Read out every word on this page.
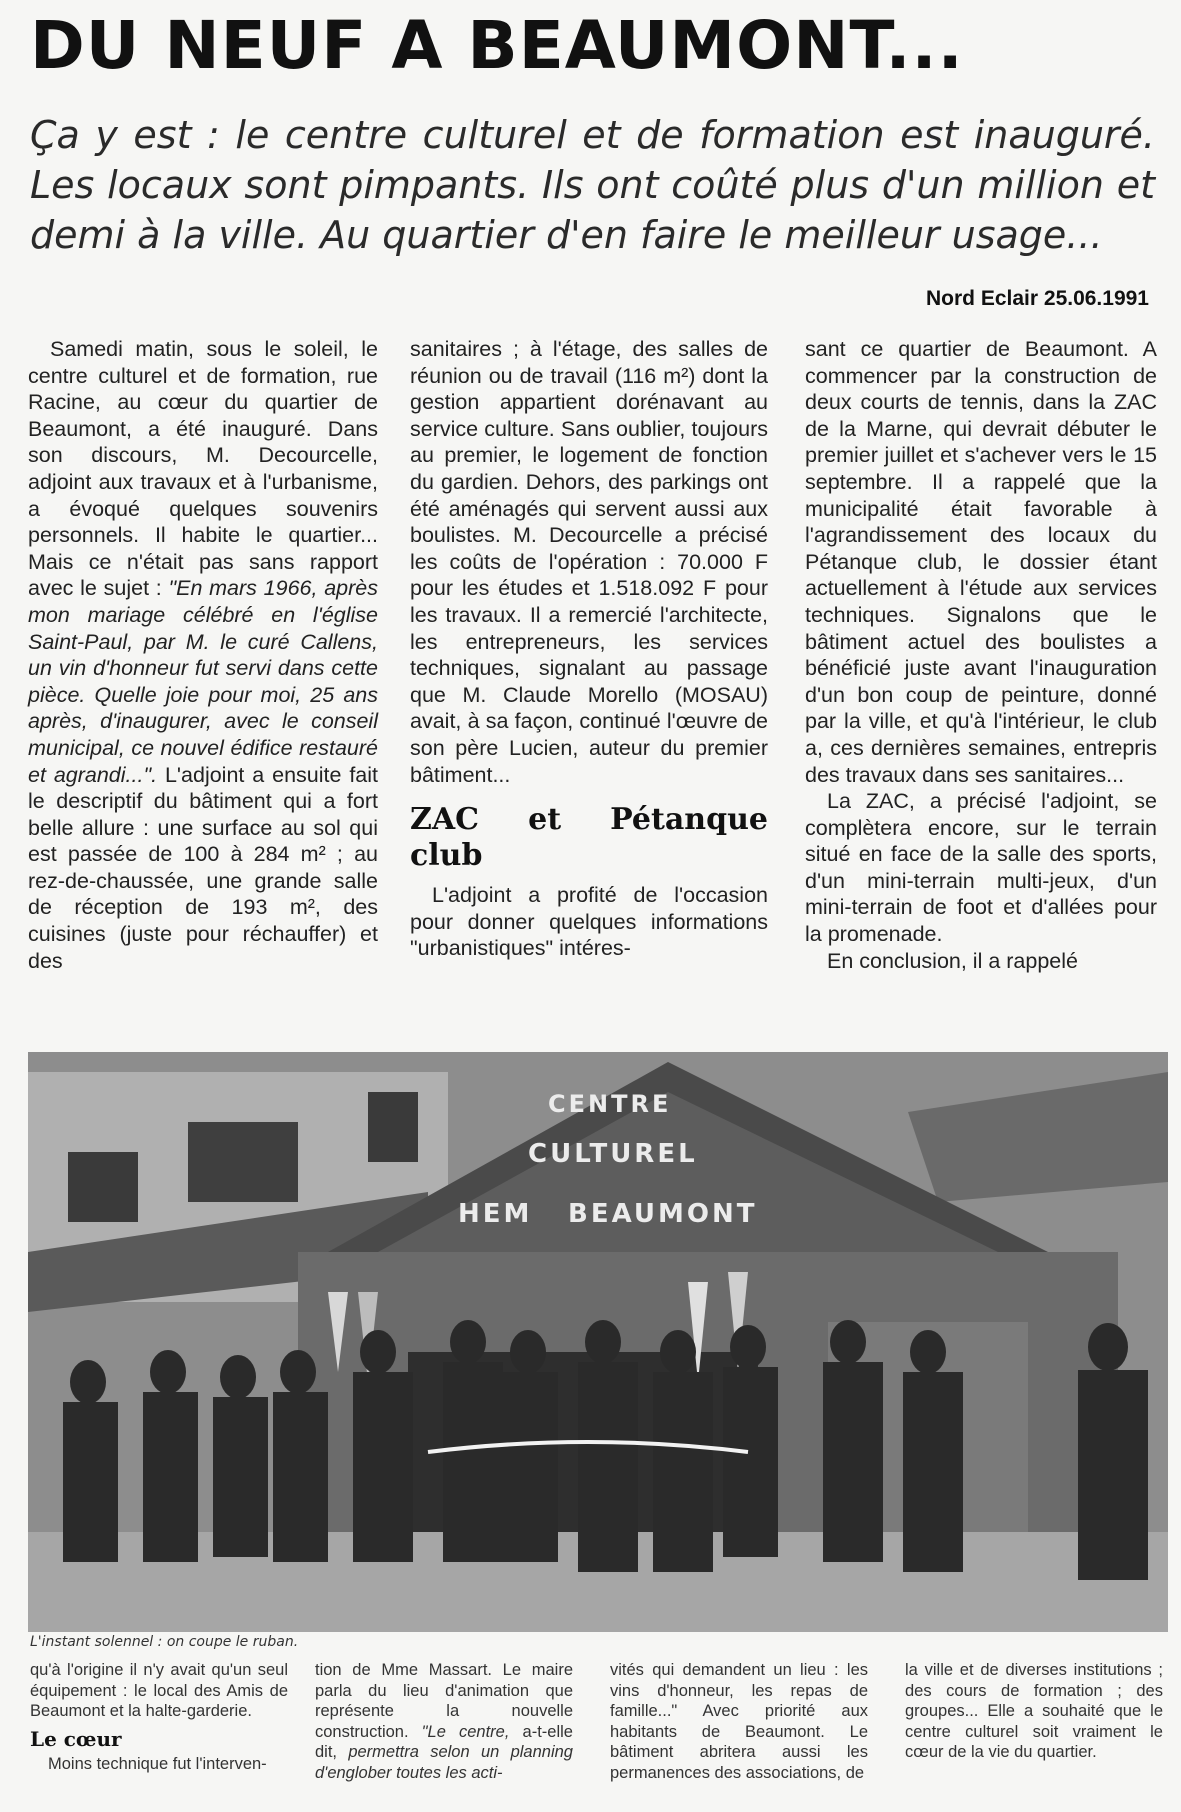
DU NEUF A BEAUMONT...
Ça y est : le centre culturel et de formation est inauguré. Les locaux sont pimpants. Ils ont coûté plus d'un million et demi à la ville. Au quartier d'en faire le meilleur usage...
Nord Eclair 25.06.1991

Samedi matin, sous le soleil, le centre culturel et de formation, rue Racine, au cœur du quartier de Beaumont, a été inauguré. Dans son discours, M. Decourcelle, adjoint aux travaux et à l'urbanisme, a évoqué quelques souvenirs personnels. Il habite le quartier... Mais ce n'était pas sans rapport avec le sujet : "En mars 1966, après mon mariage célébré en l'église Saint-Paul, par M. le curé Callens, un vin d'honneur fut servi dans cette pièce. Quelle joie pour moi, 25 ans après, d'inaugurer, avec le conseil municipal, ce nouvel édifice restauré et agrandi...". L'adjoint a ensuite fait le descriptif du bâtiment qui a fort belle allure : une surface au sol qui est passée de 100 à 284 m² ; au rez-de-chaussée, une grande salle de réception de 193 m², des cuisines (juste pour réchauffer) et des

sanitaires ; à l'étage, des salles de réunion ou de travail (116 m²) dont la gestion appartient dorénavant au service culture. Sans oublier, toujours au premier, le logement de fonction du gardien. Dehors, des parkings ont été aménagés qui servent aussi aux boulistes. M. Decourcelle a précisé les coûts de l'opération : 70.000 F pour les études et 1.518.092 F pour les travaux. Il a remercié l'architecte, les entrepreneurs, les services techniques, signalant au passage que M. Claude Morello (MOSAU) avait, à sa façon, continué l'œuvre de son père Lucien, auteur du premier bâtiment...

ZAC et Pétanque club

L'adjoint a profité de l'occasion pour donner quelques informations "urbanistiques" intéres-

sant ce quartier de Beaumont. A commencer par la construction de deux courts de tennis, dans la ZAC de la Marne, qui devrait débuter le premier juillet et s'achever vers le 15 septembre. Il a rappelé que la municipalité était favorable à l'agrandissement des locaux du Pétanque club, le dossier étant actuellement à l'étude aux services techniques. Signalons que le bâtiment actuel des boulistes a bénéficié juste avant l'inauguration d'un bon coup de peinture, donné par la ville, et qu'à l'intérieur, le club a, ces dernières semaines, entrepris des travaux dans ses sanitaires...

La ZAC, a précisé l'adjoint, se complètera encore, sur le terrain situé en face de la salle des sports, d'un mini-terrain multi-jeux, d'un mini-terrain de foot et d'allées pour la promenade.

En conclusion, il a rappelé

CENTRE
CULTUREL
HEM BEAUMONT
L'instant solennel : on coupe le ruban.

qu'à l'origine il n'y avait qu'un seul équipement : le local des Amis de Beaumont et la halte-garderie.

Le cœur

Moins technique fut l'interven-

tion de Mme Massart. Le maire parla du lieu d'animation que représente la nouvelle construction. "Le centre, a-t-elle dit, permettra selon un planning d'englober toutes les acti-

vités qui demandent un lieu : les vins d'honneur, les repas de famille..." Avec priorité aux habitants de Beaumont. Le bâtiment abritera aussi les permanences des associations, de

la ville et de diverses institutions ; des cours de formation ; des groupes... Elle a souhaité que le centre culturel soit vraiment le cœur de la vie du quartier.
